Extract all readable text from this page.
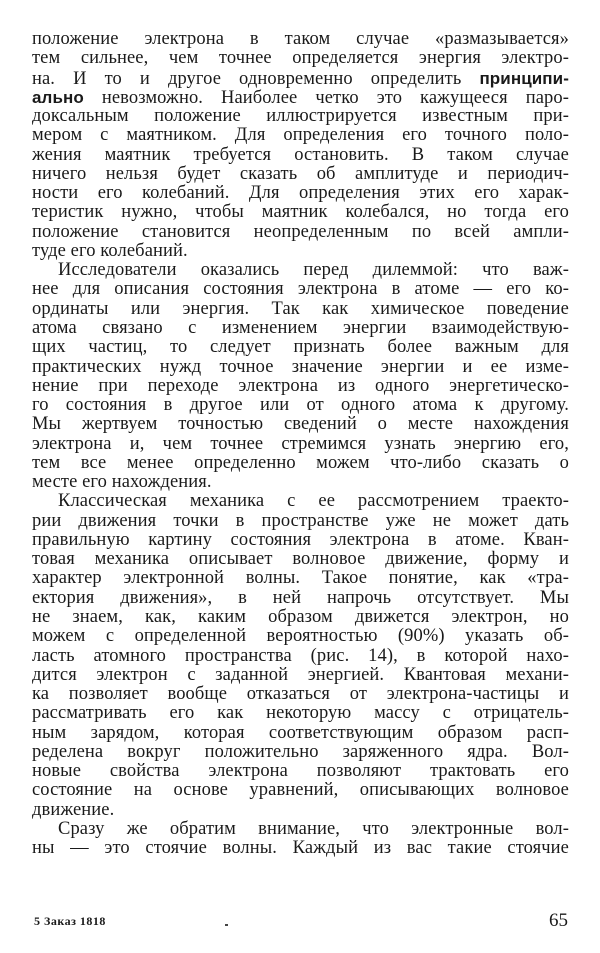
положение электрона в таком случае «размазывается»
тем сильнее, чем точнее определяется энергия электро-
на. И то и другое одновременно определить принципи-
ально невозможно. Наиболее четко это кажущееся паро-
доксальным положение иллюстрируется известным при-
мером с маятником. Для определения его точного поло-
жения маятник требуется остановить. В таком случае
ничего нельзя будет сказать об амплитуде и периодич-
ности его колебаний. Для определения этих его харак-
теристик нужно, чтобы маятник колебался, но тогда его
положение становится неопределенным по всей ампли-
туде его колебаний.
Исследователи оказались перед дилеммой: что важ-
нее для описания состояния электрона в атоме — его ко-
ординаты или энергия. Так как химическое поведение
атома связано с изменением энергии взаимодействую-
щих частиц, то следует признать более важным для
практических нужд точное значение энергии и ее изме-
нение при переходе электрона из одного энергетическо-
го состояния в другое или от одного атома к другому.
Мы жертвуем точностью сведений о месте нахождения
электрона и, чем точнее стремимся узнать энергию его,
тем все менее определенно можем что-либо сказать о
месте его нахождения.
Классическая механика с ее рассмотрением траекто-
рии движения точки в пространстве уже не может дать
правильную картину состояния электрона в атоме. Кван-
товая механика описывает волновое движение, форму и
характер электронной волны. Такое понятие, как «тра-
ектория движения», в ней напрочь отсутствует. Мы
не знаем, как, каким образом движется электрон, но
можем с определенной вероятностью (90%) указать об-
ласть атомного пространства (рис. 14), в которой нахо-
дится электрон с заданной энергией. Квантовая механи-
ка позволяет вообще отказаться от электрона-частицы и
рассматривать его как некоторую массу с отрицатель-
ным зарядом, которая соответствующим образом расп-
ределена вокруг положительно заряженного ядра. Вол-
новые свойства электрона позволяют трактовать его
состояние на основе уравнений, описывающих волновое
движение.
Сразу же обратим внимание, что электронные вол-
ны — это стоячие волны. Каждый из вас такие стоячие
5 Заказ 1818	65
